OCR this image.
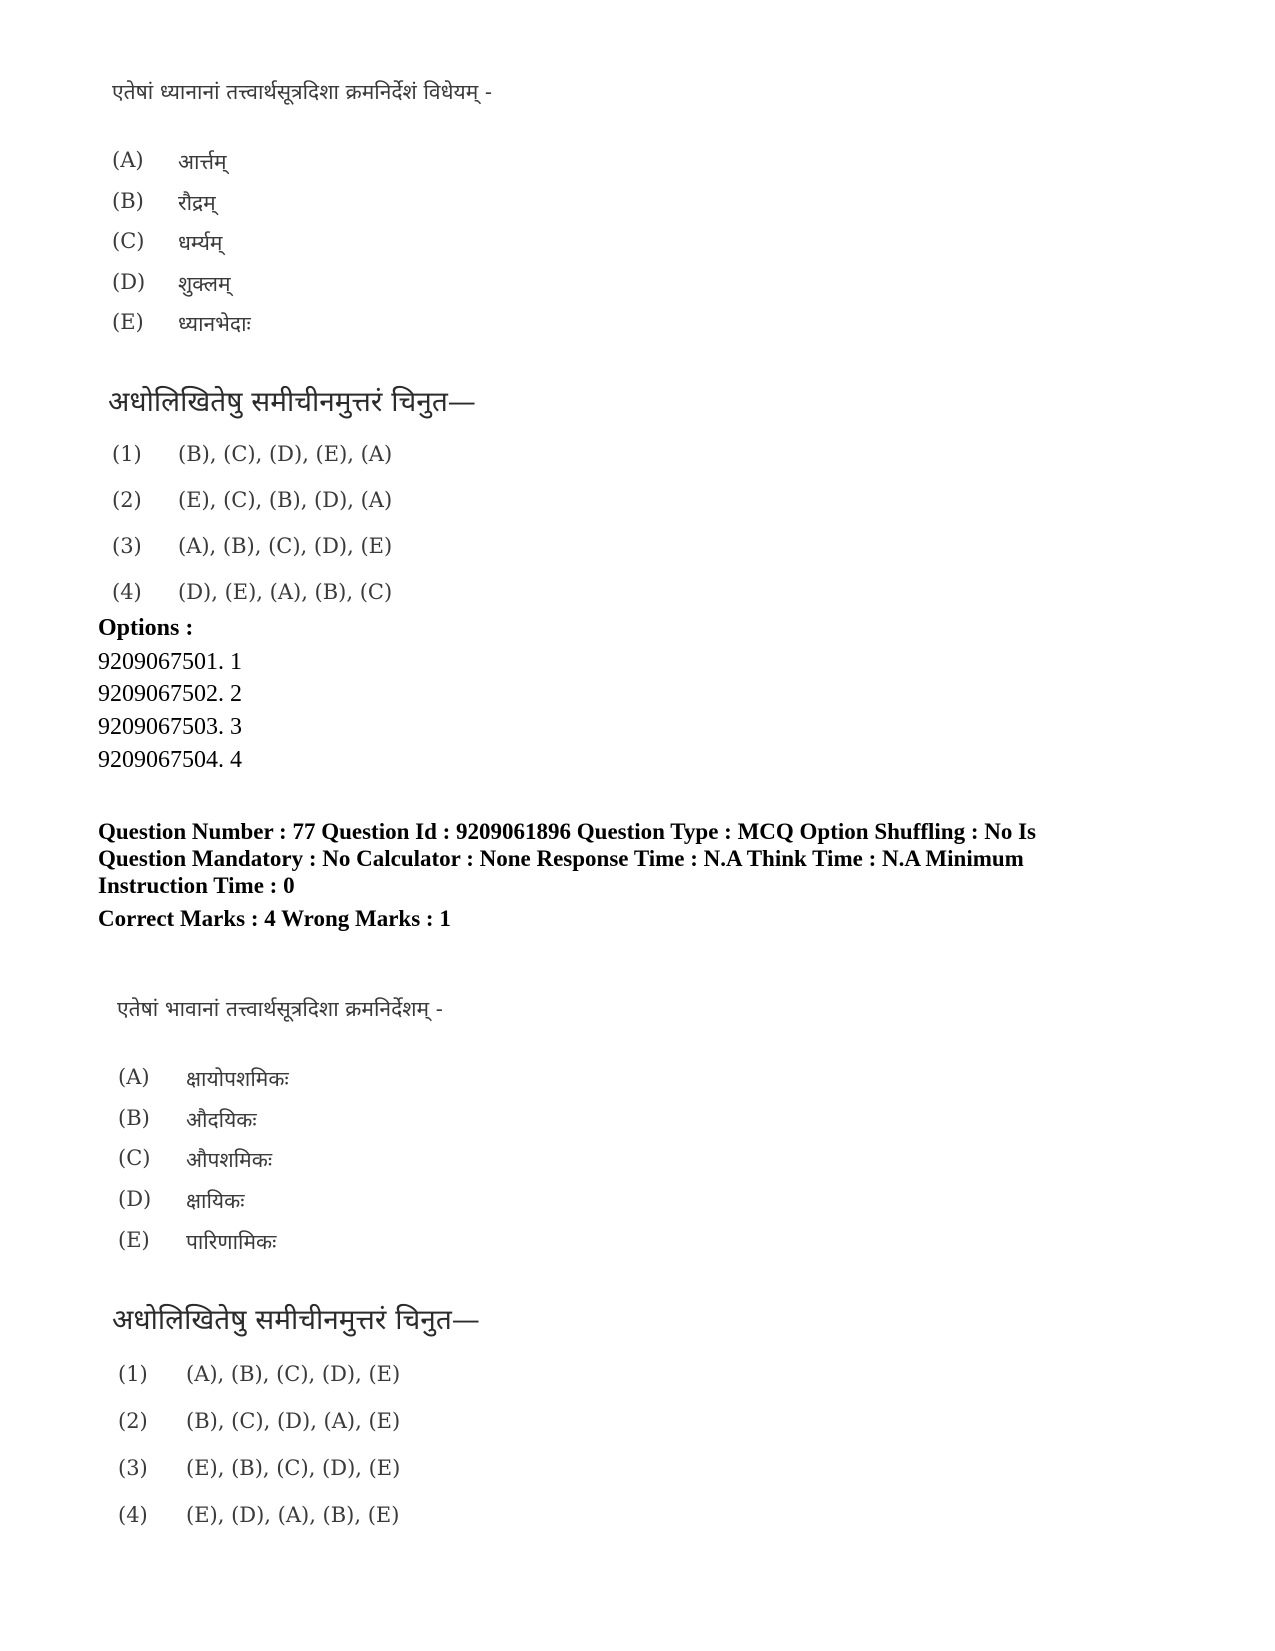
एतेषां ध्यानानां तत्त्वार्थसूत्रदिशा क्रमनिर्देशं विधेयम् -
(A) आर्त्तम्
(B) रौद्रम्
(C) धर्म्यम्
(D) शुक्लम्
(E) ध्यानभेदाः
अधोलिखितेषु समीचीनमुत्तरं चिनुत—
(1) (B), (C), (D), (E), (A)
(2) (E), (C), (B), (D), (A)
(3) (A), (B), (C), (D), (E)
(4) (D), (E), (A), (B), (C)
Options :
9209067501. 1
9209067502. 2
9209067503. 3
9209067504. 4
Question Number : 77 Question Id : 9209061896 Question Type : MCQ Option Shuffling : No Is
Question Mandatory : No Calculator : None Response Time : N.A Think Time : N.A Minimum
Instruction Time : 0
Correct Marks : 4 Wrong Marks : 1
एतेषां भावानां तत्त्वार्थसूत्रदिशा क्रमनिर्देशम् -
(A) क्षायोपशमिकः
(B) औदयिकः
(C) औपशमिकः
(D) क्षायिकः
(E) पारिणामिकः
अधोलिखितेषु समीचीनमुत्तरं चिनुत—
(1) (A), (B), (C), (D), (E)
(2) (B), (C), (D), (A), (E)
(3) (E), (B), (C), (D), (E)
(4) (E), (D), (A), (B), (E)
